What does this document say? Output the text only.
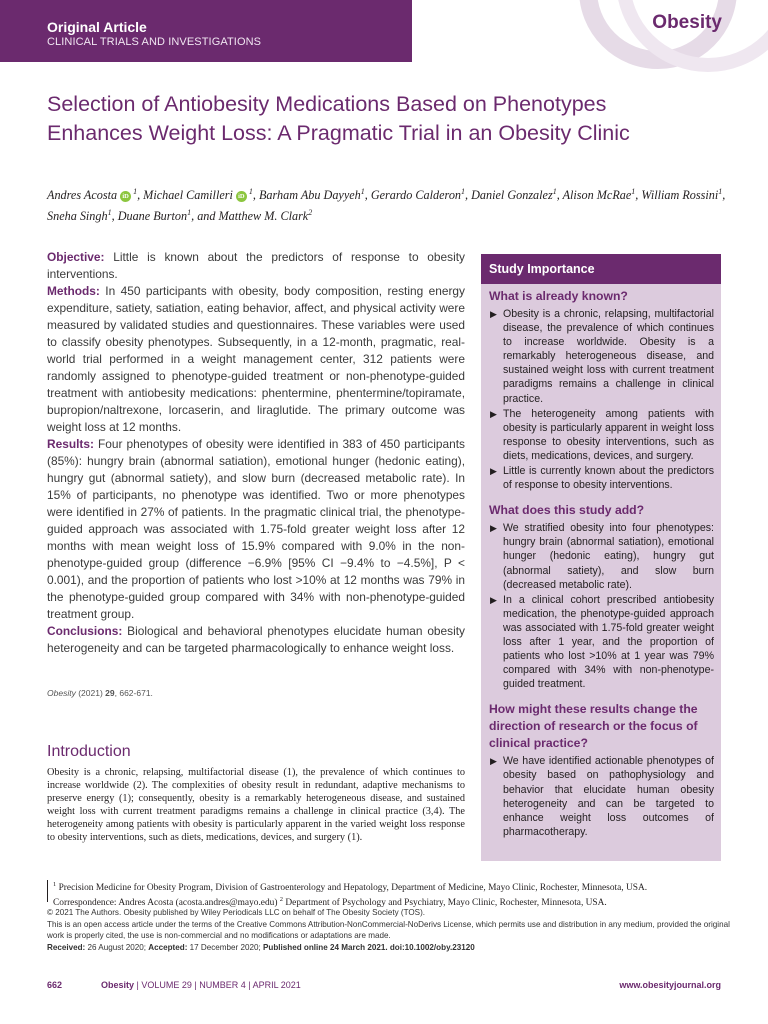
Original Article
CLINICAL TRIALS AND INVESTIGATIONS
Obesity
Selection of Antiobesity Medications Based on Phenotypes Enhances Weight Loss: A Pragmatic Trial in an Obesity Clinic
Andres Acosta $iD^1$, Michael Camilleri $iD^1$, Barham Abu Dayyeh$^1$, Gerardo Calderon$^1$, Daniel Gonzalez$^1$, Alison McRae$^1$, William Rossini$^1$, Sneha Singh$^1$, Duane Burton$^1$, and Matthew M. Clark$^2$

Objective: Little is known about the predictors of response to obesity interventions.

Methods: In 450 participants with obesity, body composition, resting energy expenditure, satiety, satiation, eating behavior, affect, and physical activity were measured by validated studies and questionnaires. These variables were used to classify obesity phenotypes. Subsequently, in a 12-month, pragmatic, real-world trial performed in a weight management center, 312 patients were randomly assigned to phenotype-guided treatment or non-phenotype-guided treatment with antiobesity medications: phentermine, phentermine/topiramate, bupropion/naltrexone, lorcaserin, and liraglutide. The primary outcome was weight loss at 12 months.

Results: Four phenotypes of obesity were identified in 383 of 450 participants (85%): hungry brain (abnormal satiation), emotional hunger (hedonic eating), hungry gut (abnormal satiety), and slow burn (decreased metabolic rate). In 15% of participants, no phenotype was identified. Two or more phenotypes were identified in 27% of patients. In the pragmatic clinical trial, the phenotype-guided approach was associated with 1.75-fold greater weight loss after 12 months with mean weight loss of 15.9% compared with 9.0% in the non-phenotype-guided group (difference −6.9% [95% CI −9.4% to −4.5%], P < 0.001), and the proportion of patients who lost >10% at 12 months was 79% in the phenotype-guided group compared with 34% with non-phenotype-guided treatment group.

Conclusions: Biological and behavioral phenotypes elucidate human obesity heterogeneity and can be targeted pharmacologically to enhance weight loss.

Obesity (2021) 29, 662-671.
Introduction
Obesity is a chronic, relapsing, multifactorial disease (1), the prevalence of which continues to increase worldwide (2). The complexities of obesity result in redundant, adaptive mechanisms to preserve energy (1); consequently, obesity is a remarkably heterogeneous disease, and sustained weight loss with current treatment paradigms remains a challenge in clinical practice (3,4). The heterogeneity among patients with obesity is particularly apparent in the varied weight loss response to obesity interventions, such as diets, medications, devices, and surgery (1).
Study Importance
What is already known?
▶ Obesity is a chronic, relapsing, multifactorial disease, the prevalence of which continues to increase worldwide. Obesity is a remarkably heterogeneous disease, and sustained weight loss with current treatment paradigms remains a challenge in clinical practice.
▶ The heterogeneity among patients with obesity is particularly apparent in weight loss response to obesity interventions, such as diets, medications, devices, and surgery.
▶ Little is currently known about the predictors of response to obesity interventions.
What does this study add?
▶ We stratified obesity into four phenotypes: hungry brain (abnormal satiation), emotional hunger (hedonic eating), hungry gut (abnormal satiety), and slow burn (decreased metabolic rate).
▶ In a clinical cohort prescribed antiobesity medication, the phenotype-guided approach was associated with 1.75-fold greater weight loss after 1 year, and the proportion of patients who lost >10% at 1 year was 79% compared with 34% with non-phenotype-guided treatment.
How might these results change the direction of research or the focus of clinical practice?
▶ We have identified actionable phenotypes of obesity based on pathophysiology and behavior that elucidate human obesity heterogeneity and can be targeted to enhance weight loss outcomes of pharmacotherapy.
$^1$ Precision Medicine for Obesity Program, Division of Gastroenterology and Hepatology, Department of Medicine, Mayo Clinic, Rochester, Minnesota, USA.
Correspondence: Andres Acosta (acosta.andres@mayo.edu) $^2$ Department of Psychology and Psychiatry, Mayo Clinic, Rochester, Minnesota, USA.
© 2021 The Authors. Obesity published by Wiley Periodicals LLC on behalf of The Obesity Society (TOS).
This is an open access article under the terms of the Creative Commons Attribution-NonCommercial-NoDerivs License, which permits use and distribution in any medium, provided the original work is properly cited, the use is non-commercial and no modifications or adaptations are made.
Received: 26 August 2020; Accepted: 17 December 2020; Published online 24 March 2021. doi:10.1002/oby.23120
662	Obesity | VOLUME 29 | NUMBER 4 | APRIL 2021	www.obesityjournal.org
